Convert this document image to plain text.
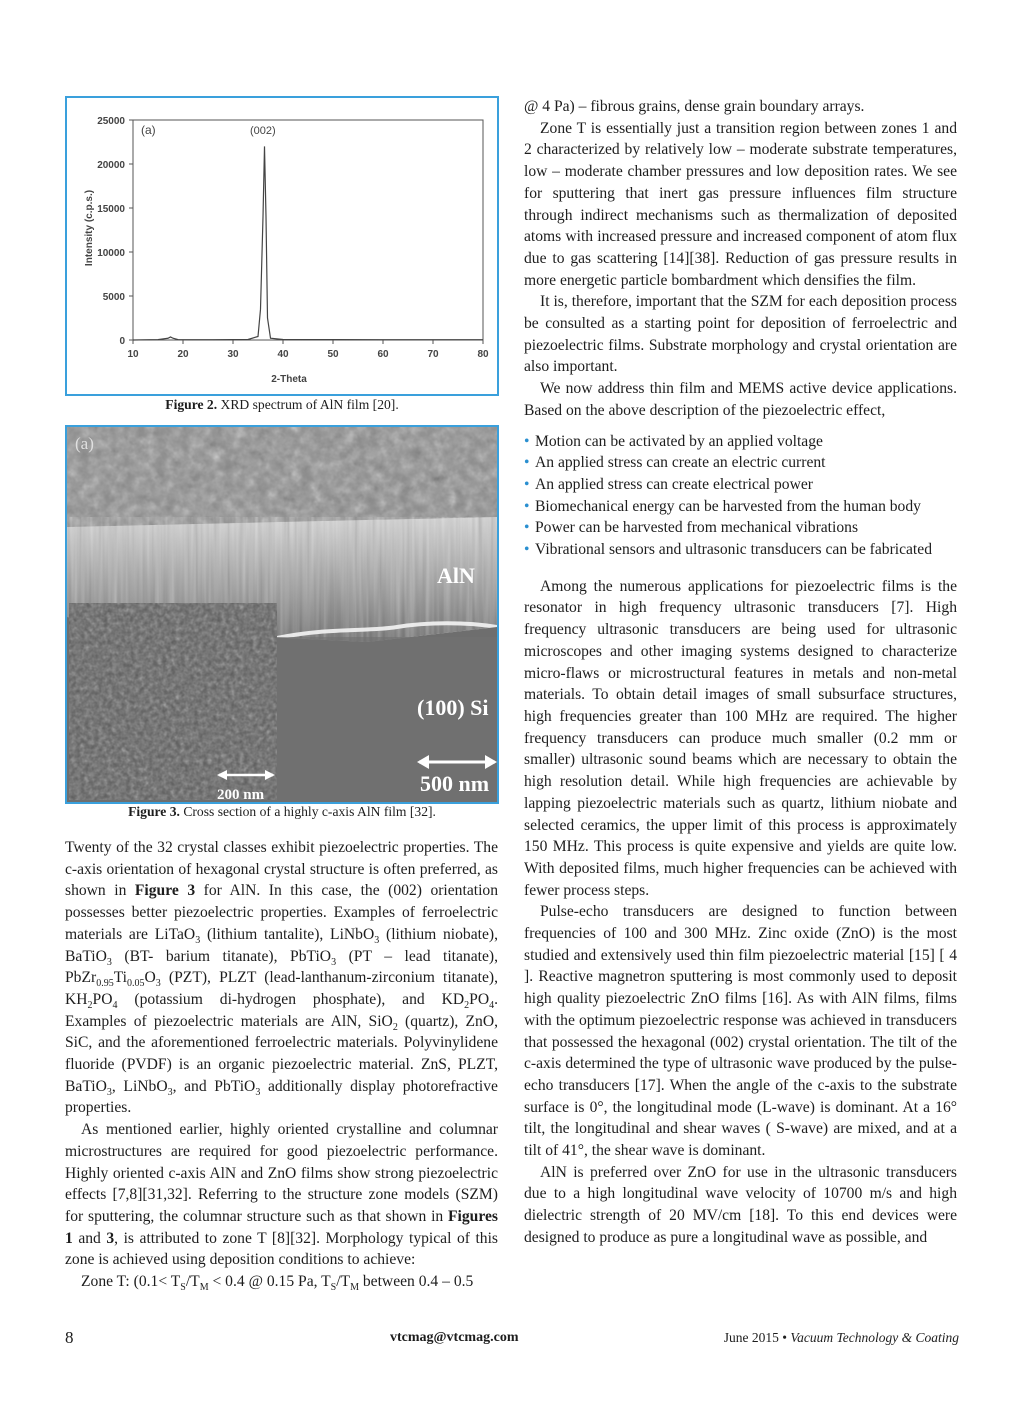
10	20	30	40	50	60	70	80
0
5000
10000
15000
20000
25000
(a)	(002)
2-Theta
Intensity (c.p.s.)
Figure 2. XRD spectrum of AlN film [20].
(a)
AlN
(100) Si
500 nm
200 nm
Figure 3. Cross section of a highly c-axis AlN film [32].

Twenty of the 32 crystal classes exhibit piezoelectric properties. The c-axis orientation of hexagonal crystal structure is often preferred, as shown in Figure 3 for AlN. In this case, the (002) orientation possesses better piezoelectric properties. Examples of ferroelectric materials are LiTaO$_3$ (lithium tantalite), LiNbO$_3$ (lithium niobate), BaTiO$_3$ (BT- barium titanate), PbTiO$_3$ (PT – lead titanate), $PbZr_{0.95}Ti_{0.05}O_3$ (PZT), PLZT (lead-lanthanum-zirconium titanate), $KH_2PO_4$ (potassium di-hydrogen phosphate), and $KD_2PO_4$. Examples of piezoelectric materials are AlN, SiO$_2$ (quartz), ZnO, SiC, and the aforementioned ferroelectric materials. Polyvinylidene fluoride (PVDF) is an organic piezoelectric material. ZnS, PLZT, BaTiO$_3$, LiNbO$_3$, and PbTiO$_3$ additionally display photorefractive properties.

As mentioned earlier, highly oriented crystalline and columnar microstructures are required for good piezoelectric performance. Highly oriented c-axis AlN and ZnO films show strong piezoelectric effects [7,8][31,32]. Referring to the structure zone models (SZM) for sputtering, the columnar structure such as that shown in Figures 1 and 3, is attributed to zone T [8][32]. Morphology typical of this zone is achieved using deposition conditions to achieve:

Zone T: ($0.1< T_S/T_M < 0.4$ @ 0.15 Pa, $T_S/T_M$ between 0.4 – 0.5

@ 4 Pa) – fibrous grains, dense grain boundary arrays.

Zone T is essentially just a transition region between zones 1 and 2 characterized by relatively low – moderate substrate temperatures, low – moderate chamber pressures and low deposition rates. We see for sputtering that inert gas pressure influences film structure through indirect mechanisms such as thermalization of deposited atoms with increased pressure and increased component of atom flux due to gas scattering [14][38]. Reduction of gas pressure results in more energetic particle bombardment which densifies the film.

It is, therefore, important that the SZM for each deposition process be consulted as a starting point for deposition of ferroelectric and piezoelectric films. Substrate morphology and crystal orientation are also important.

We now address thin film and MEMS active device applications. Based on the above description of the piezoelectric effect,

• Motion can be activated by an applied voltage
• An applied stress can create an electric current
• An applied stress can create electrical power
• Biomechanical energy can be harvested from the human body
• Power can be harvested from mechanical vibrations
• Vibrational sensors and ultrasonic transducers can be fabricated

Among the numerous applications for piezoelectric films is the resonator in high frequency ultrasonic transducers [7]. High frequency ultrasonic transducers are being used for ultrasonic microscopes and other imaging systems designed to characterize micro-flaws or microstructural features in metals and non-metal materials. To obtain detail images of small subsurface structures, high frequencies greater than 100 MHz are required. The higher frequency transducers can produce much smaller (0.2 mm or smaller) ultrasonic sound beams which are necessary to obtain the high resolution detail. While high frequencies are achievable by lapping piezoelectric materials such as quartz, lithium niobate and selected ceramics, the upper limit of this process is approximately 150 MHz. This process is quite expensive and yields are quite low. With deposited films, much higher frequencies can be achieved with fewer process steps.

Pulse-echo transducers are designed to function between frequencies of 100 and 300 MHz. Zinc oxide (ZnO) is the most studied and extensively used thin film piezoelectric material [15] [ 4 ]. Reactive magnetron sputtering is most commonly used to deposit high quality piezoelectric ZnO films [16]. As with AlN films, films with the optimum piezoelectric response was achieved in transducers that possessed the hexagonal (002) crystal orientation. The tilt of the c-axis determined the type of ultrasonic wave produced by the pulse-echo transducers [17]. When the angle of the c-axis to the substrate surface is 0°, the longitudinal mode (L-wave) is dominant. At a 16° tilt, the longitudinal and shear waves ( S-wave) are mixed, and at a tilt of 41°, the shear wave is dominant.

AlN is preferred over ZnO for use in the ultrasonic transducers due to a high longitudinal wave velocity of 10700 m/s and high dielectric strength of 20 MV/cm [18]. To this end devices were designed to produce as pure a longitudinal wave as possible, and

8	vtcmag@vtcmag.com	June 2015 • Vacuum Technology & Coating
